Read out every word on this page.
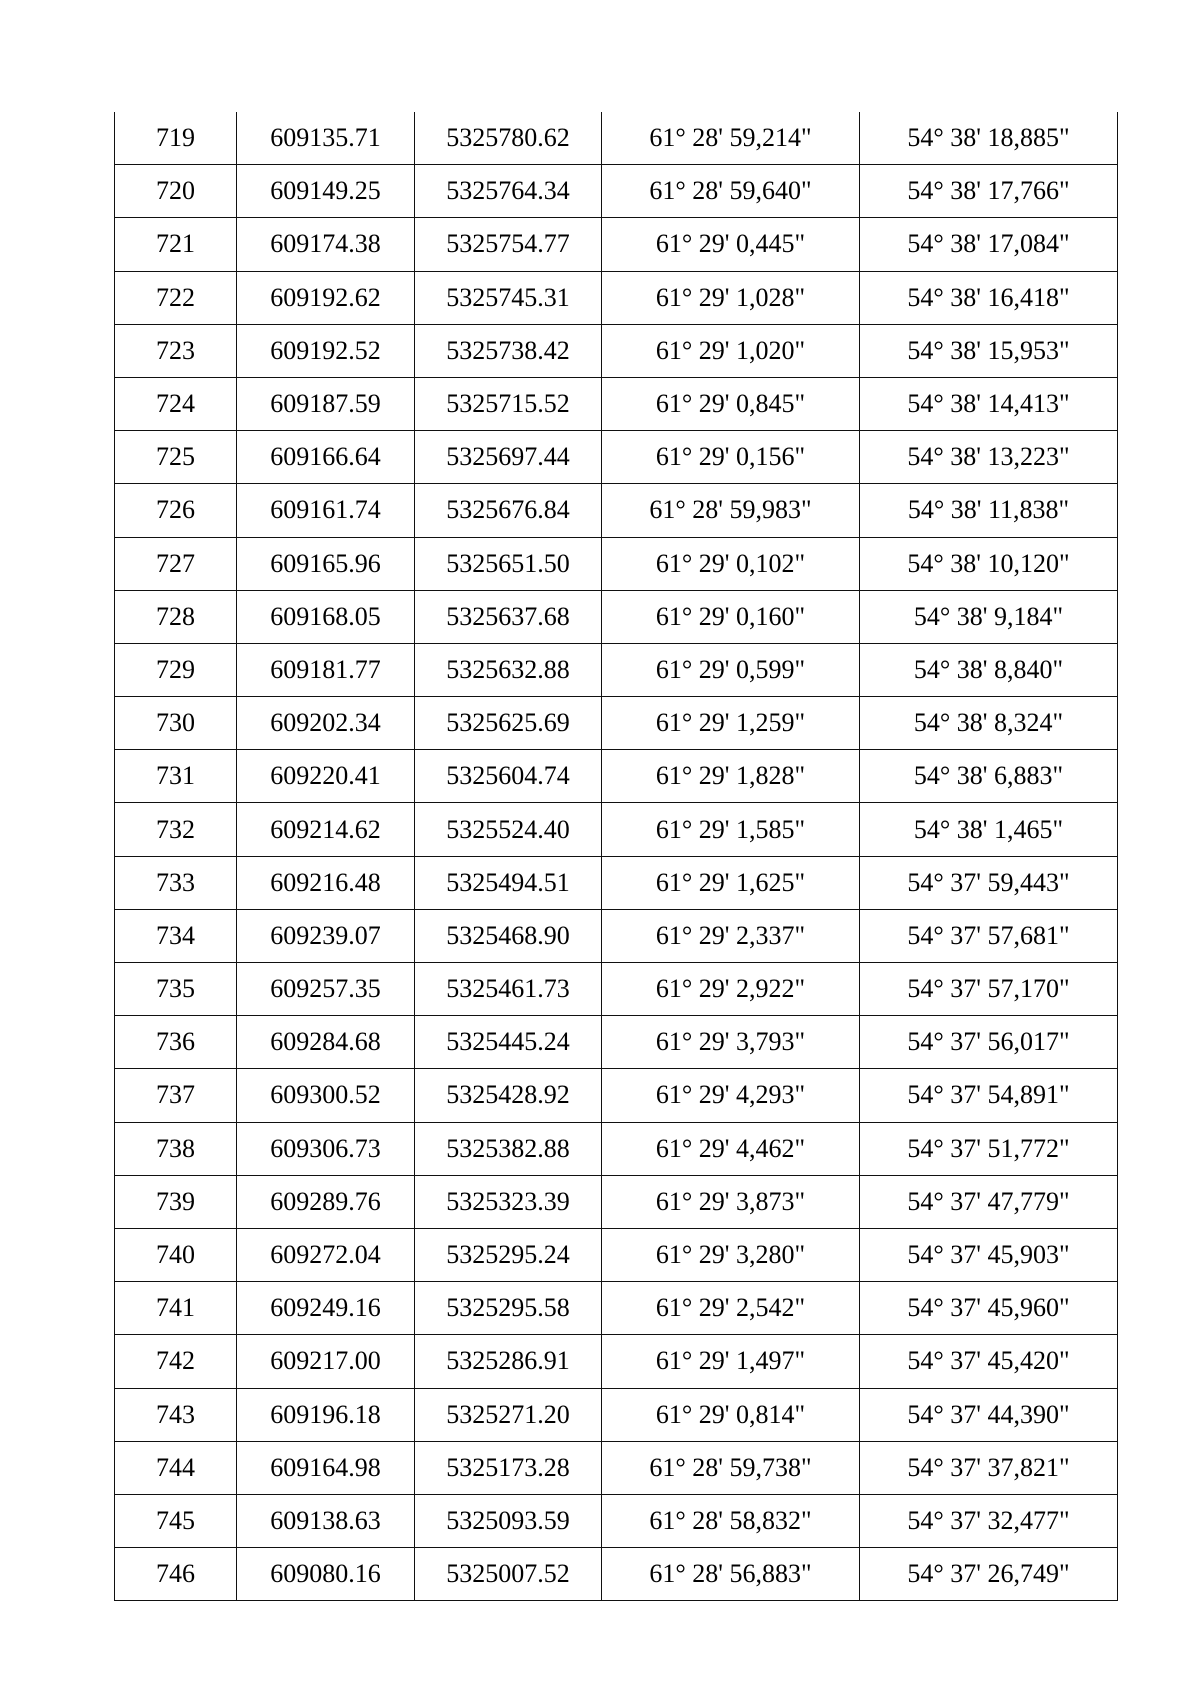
719	609135.71	5325780.62	61° 28' 59,214"	54° 38' 18,885"
720	609149.25	5325764.34	61° 28' 59,640"	54° 38' 17,766"
721	609174.38	5325754.77	61° 29' 0,445"	54° 38' 17,084"
722	609192.62	5325745.31	61° 29' 1,028"	54° 38' 16,418"
723	609192.52	5325738.42	61° 29' 1,020"	54° 38' 15,953"
724	609187.59	5325715.52	61° 29' 0,845"	54° 38' 14,413"
725	609166.64	5325697.44	61° 29' 0,156"	54° 38' 13,223"
726	609161.74	5325676.84	61° 28' 59,983"	54° 38' 11,838"
727	609165.96	5325651.50	61° 29' 0,102"	54° 38' 10,120"
728	609168.05	5325637.68	61° 29' 0,160"	54° 38' 9,184"
729	609181.77	5325632.88	61° 29' 0,599"	54° 38' 8,840"
730	609202.34	5325625.69	61° 29' 1,259"	54° 38' 8,324"
731	609220.41	5325604.74	61° 29' 1,828"	54° 38' 6,883"
732	609214.62	5325524.40	61° 29' 1,585"	54° 38' 1,465"
733	609216.48	5325494.51	61° 29' 1,625"	54° 37' 59,443"
734	609239.07	5325468.90	61° 29' 2,337"	54° 37' 57,681"
735	609257.35	5325461.73	61° 29' 2,922"	54° 37' 57,170"
736	609284.68	5325445.24	61° 29' 3,793"	54° 37' 56,017"
737	609300.52	5325428.92	61° 29' 4,293"	54° 37' 54,891"
738	609306.73	5325382.88	61° 29' 4,462"	54° 37' 51,772"
739	609289.76	5325323.39	61° 29' 3,873"	54° 37' 47,779"
740	609272.04	5325295.24	61° 29' 3,280"	54° 37' 45,903"
741	609249.16	5325295.58	61° 29' 2,542"	54° 37' 45,960"
742	609217.00	5325286.91	61° 29' 1,497"	54° 37' 45,420"
743	609196.18	5325271.20	61° 29' 0,814"	54° 37' 44,390"
744	609164.98	5325173.28	61° 28' 59,738"	54° 37' 37,821"
745	609138.63	5325093.59	61° 28' 58,832"	54° 37' 32,477"
746	609080.16	5325007.52	61° 28' 56,883"	54° 37' 26,749"
